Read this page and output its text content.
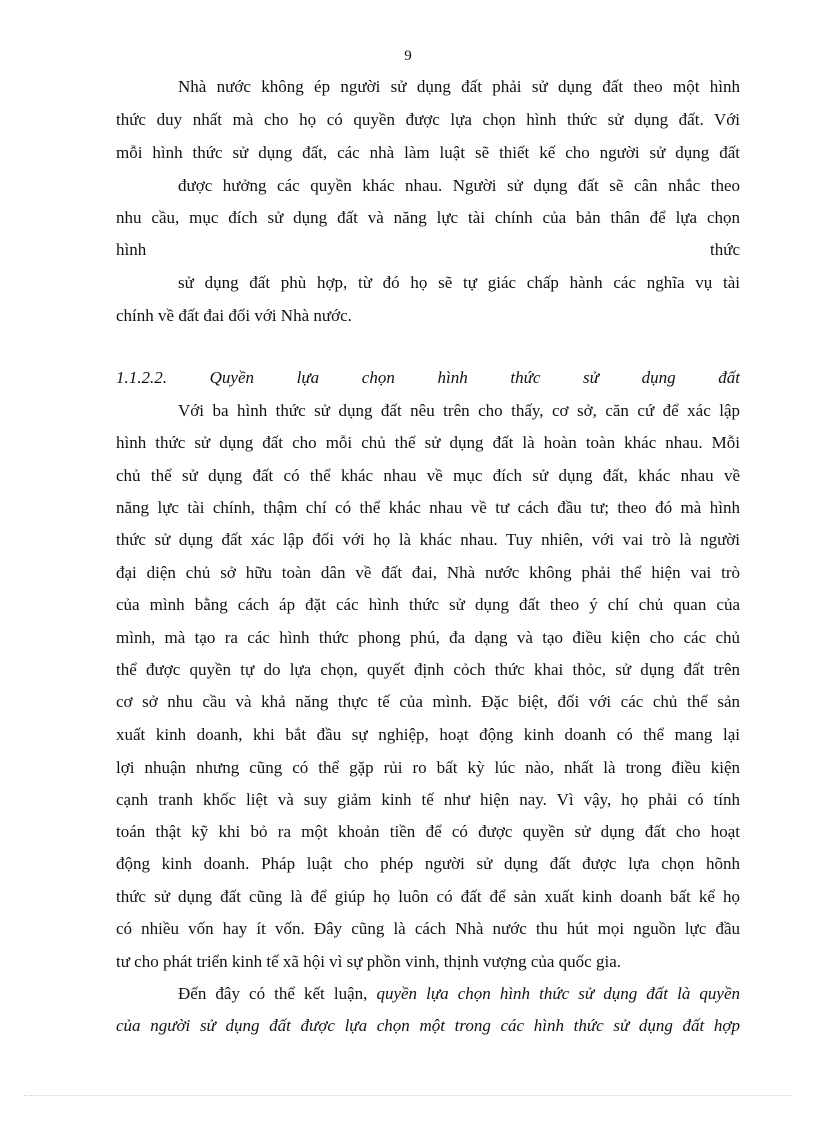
9
Nhà nước không ép người sử dụng đất phải sử dụng đất theo một hình
thức duy nhất mà cho họ có quyền được lựa chọn hình thức sử dụng đất. Với
mỗi hình thức sử dụng đất, các nhà làm luật sẽ thiết kế cho người sử dụng đất
được hưởng các quyền khác nhau. Người sử dụng đất sẽ cân nhắc theo
nhu cầu, mục đích sử dụng đất và năng lực tài chính của bản thân để lựa chọn
hình	thức
sử dụng đất phù hợp, từ đó họ sẽ tự giác chấp hành các nghĩa vụ tài
chính về đất đai đối với Nhà nước.
1.1.2.2.	Quyền	lựa	chọn	hình	thức	sử	dụng	đất
Với ba hình thức sử dụng đất nêu trên cho thấy, cơ sở, căn cứ để xác lập
hình thức sử dụng đất cho mỗi chủ thể sử dụng đất là hoàn toàn khác nhau. Mỗi
chủ thể sử dụng đất có thể khác nhau về mục đích sử dụng đất, khác nhau về
năng lực tài chính, thậm chí có thể khác nhau về tư cách đầu tư; theo đó mà hình
thức sử dụng đất xác lập đối với họ là khác nhau. Tuy nhiên, với vai trò là người
đại diện chủ sở hữu toàn dân về đất đai, Nhà nước không phải thể hiện vai trò
của mình bằng cách áp đặt các hình thức sử dụng đất theo ý chí chủ quan của
mình, mà tạo ra các hình thức phong phú, đa dạng và tạo điều kiện cho các chủ
thể được quyền tự do lựa chọn, quyết định cỏch thức khai thỏc, sử dụng đất trên
cơ sở nhu cầu và khả năng thực tế của mình. Đặc biệt, đối với các chủ thể sản
xuất kinh doanh, khi bắt đầu sự nghiệp, hoạt động kinh doanh có thể mang lại
lợi nhuận nhưng cũng có thể gặp rủi ro bất kỳ lúc nào, nhất là trong điều kiện
cạnh tranh khốc liệt và suy giảm kinh tế như hiện nay. Vì vậy, họ phải có tính
toán thật kỹ khi bỏ ra một khoản tiền để có được quyền sử dụng đất cho hoạt
động kinh doanh. Pháp luật cho phép người sử dụng đất được lựa chọn hõnh
thức sử dụng đất cũng là để giúp họ luôn có đất để sản xuất kinh doanh bất kể họ
có nhiều vốn hay ít vốn. Đây cũng là cách Nhà nước thu hút mọi nguồn lực đầu
tư cho phát triển kinh tế xã hội vì sự phồn vinh, thịnh vượng của quốc gia.
Đến đây có thể kết luận, quyền lựa chọn hình thức sử dụng đất là quyền
của người sử dụng đất được lựa chọn một trong các hình thức sử dụng đất hợp
